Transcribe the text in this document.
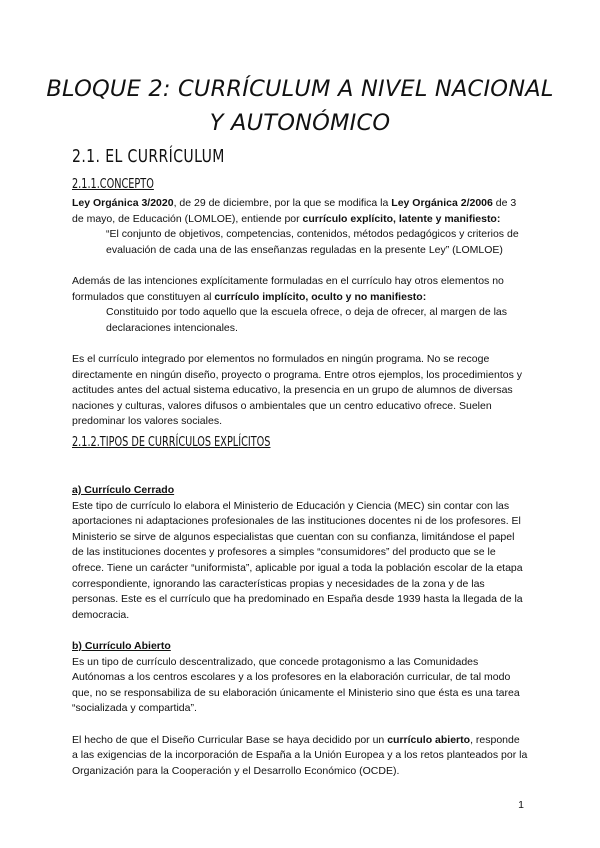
BLOQUE 2: CURRÍCULUM A NIVEL NACIONAL Y AUTONÓMICO
2.1. EL CURRÍCULUM
2.1.1.CONCEPTO

Ley Orgánica 3/2020, de 29 de diciembre, por la que se modifica la Ley Orgánica 2/2006 de 3 de mayo, de Educación (LOMLOE), entiende por currículo explícito, latente y manifiesto:

“El conjunto de objetivos, competencias, contenidos, métodos pedagógicos y criterios de evaluación de cada una de las enseñanzas reguladas en la presente Ley” (LOMLOE)

Además de las intenciones explícitamente formuladas en el currículo hay otros elementos no formulados que constituyen al currículo implícito, oculto y no manifiesto:

Constituido por todo aquello que la escuela ofrece, o deja de ofrecer, al margen de las declaraciones intencionales.

Es el currículo integrado por elementos no formulados en ningún programa. No se recoge directamente en ningún diseño, proyecto o programa. Entre otros ejemplos, los procedimientos y actitudes antes del actual sistema educativo, la presencia en un grupo de alumnos de diversas naciones y culturas, valores difusos o ambientales que un centro educativo ofrece. Suelen predominar los valores sociales.

2.1.2.TIPOS DE CURRÍCULOS EXPLÍCITOS

a) Currículo Cerrado

Este tipo de currículo lo elabora el Ministerio de Educación y Ciencia (MEC) sin contar con las aportaciones ni adaptaciones profesionales de las instituciones docentes ni de los profesores. El Ministerio se sirve de algunos especialistas que cuentan con su confianza, limitándose el papel de las instituciones docentes y profesores a simples “consumidores” del producto que se le ofrece. Tiene un carácter “uniformista”, aplicable por igual a toda la población escolar de la etapa correspondiente, ignorando las características propias y necesidades de la zona y de las personas. Este es el currículo que ha predominado en España desde 1939 hasta la llegada de la democracia.

b) Currículo Abierto

Es un tipo de currículo descentralizado, que concede protagonismo a las Comunidades Autónomas a los centros escolares y a los profesores en la elaboración curricular, de tal modo que, no se responsabiliza de su elaboración únicamente el Ministerio sino que ésta es una tarea “socializada y compartida”.

El hecho de que el Diseño Curricular Base se haya decidido por un currículo abierto, responde a las exigencias de la incorporación de España a la Unión Europea y a los retos planteados por la Organización para la Cooperación y el Desarrollo Económico (OCDE).

1
